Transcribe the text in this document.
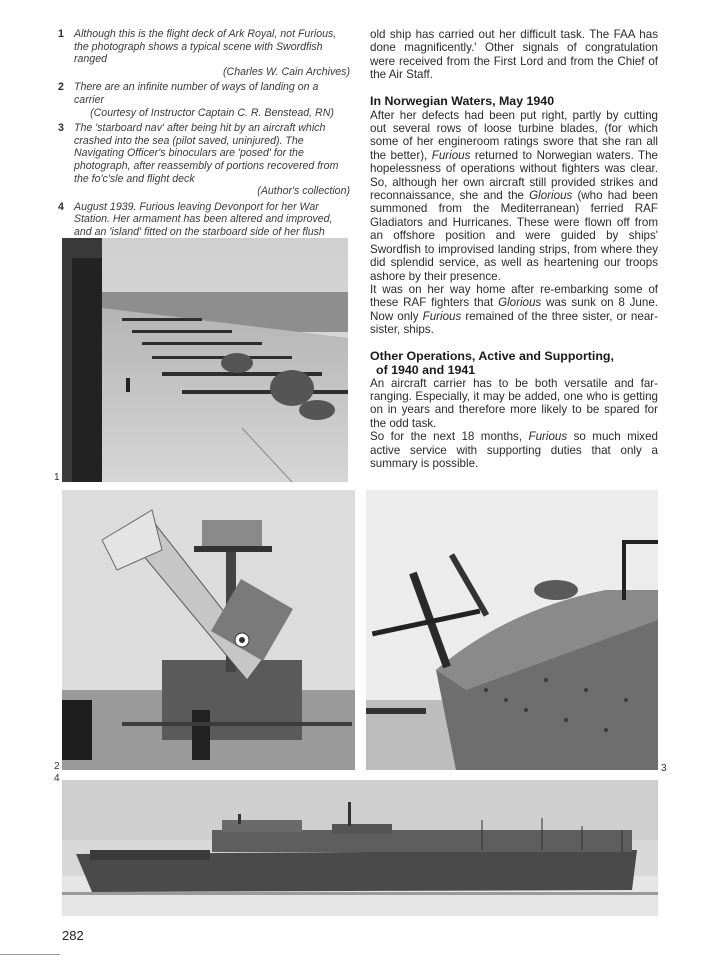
1 Although this is the flight deck of Ark Royal, not Furious, the photograph shows a typical scene with Swordfish ranged
(Charles W. Cain Archives)
2 There are an infinite number of ways of landing on a carrier
(Courtesy of Instructor Captain C. R. Benstead, RN)
3 The 'starboard nav' after being hit by an aircraft which crashed into the sea (pilot saved, uninjured). The Navigating Officer's binoculars are 'posed' for the photograph, after reassembly of portions recovered from the fo'c'sle and flight deck
(Author's collection)
4 August 1939. Furious leaving Devonport for her War Station. Her armament has been altered and improved, and an 'island' fitted on the starboard side of her flush

old ship has carried out her difficult task. The FAA has done magnificently.' Other signals of congratulation were received from the First Lord and from the Chief of the Air Staff.

In Norwegian Waters, May 1940

After her defects had been put right, partly by cutting out several rows of loose turbine blades, (for which some of her engineroom ratings swore that she ran all the better), Furious returned to Norwegian waters. The hopelessness of operations without fighters was clear. So, although her own aircraft still provided strikes and reconnaissance, she and the Glorious (who had been summoned from the Mediterranean) ferried RAF Gladiators and Hurricanes. These were flown off from an offshore position and were guided by ships' Swordfish to improvised landing strips, from where they did splendid service, as well as heartening our troops ashore by their presence.

It was on her way home after re-embarking some of these RAF fighters that Glorious was sunk on 8 June. Now only Furious remained of the three sister, or near-sister, ships.

Other Operations, Active and Supporting,
of 1940 and 1941

An aircraft carrier has to be both versatile and far-ranging. Especially, it may be added, one who is getting on in years and therefore more likely to be spared for the odd task.

So for the next 18 months, Furious so much mixed active service with supporting duties that only a summary is possible.

1
2	3
4
282
